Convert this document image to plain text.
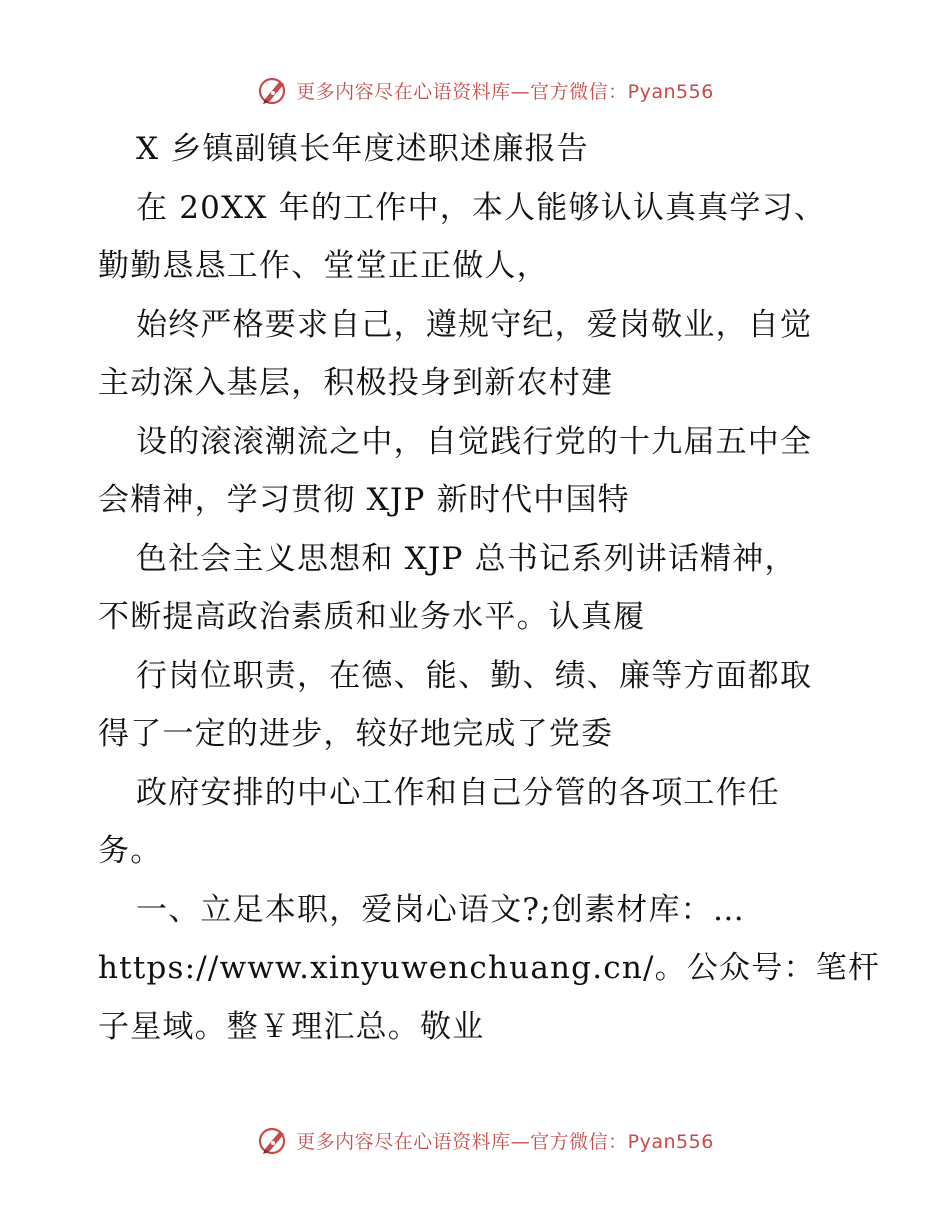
更多内容尽在心语资料库—官方微信：Pyan556
X 乡镇副镇长年度述职述廉报告
在 20XX 年的工作中，本人能够认认真真学习、
勤勤恳恳工作、堂堂正正做人，
始终严格要求自己，遵规守纪，爱岗敬业，自觉
主动深入基层，积极投身到新农村建
设的滚滚潮流之中，自觉践行党的十九届五中全
会精神，学习贯彻 XJP 新时代中国特
色社会主义思想和 XJP 总书记系列讲话精神，
不断提高政治素质和业务水平。认真履
行岗位职责，在德、能、勤、绩、廉等方面都取
得了一定的进步，较好地完成了党委
政府安排的中心工作和自己分管的各项工作任
务。
一、立足本职，爱岗心语文?;创素材库：…
https://www.xinyuwenchuang.cn/。公众号：笔杆
子星域。整￥理汇总。敬业
更多内容尽在心语资料库—官方微信：Pyan556
